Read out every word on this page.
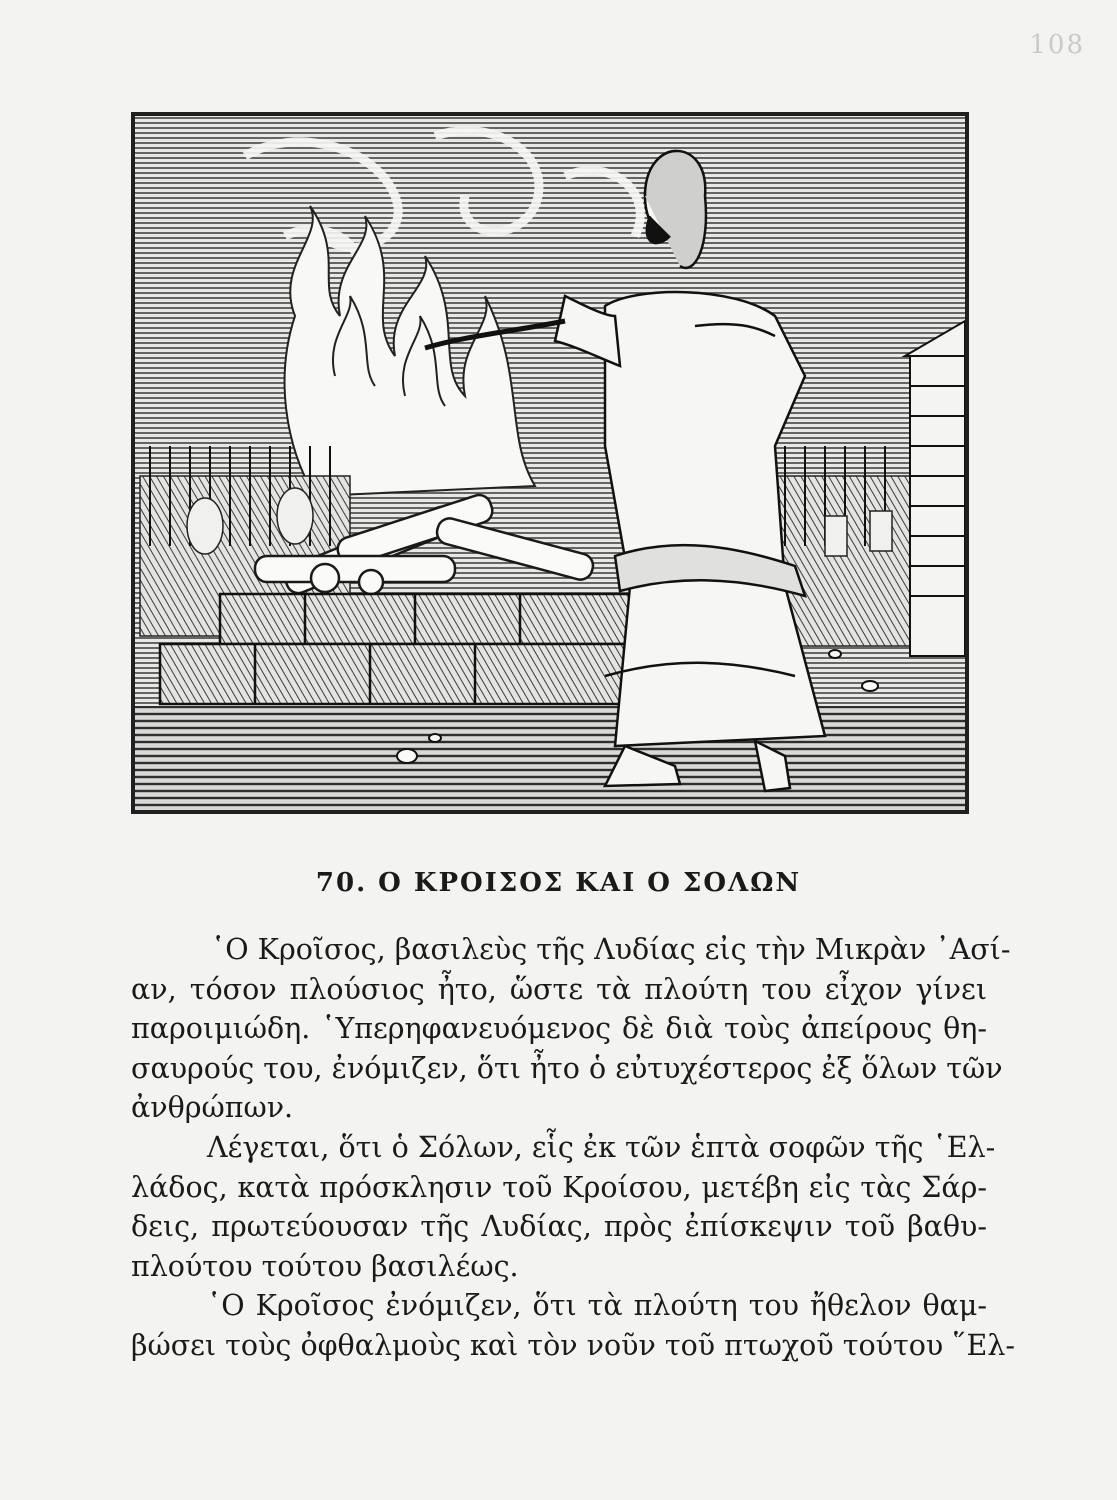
108
70. Ο ΚΡΟΙΣΟΣ ΚΑΙ Ο ΣΟΛΩΝ
῾Ο Κροῖσος, βασιλεὺς τῆς Λυδίας εἰς τὴν Μικρὰν ᾿Ασί-
αν, τόσον πλούσιος ἦτο, ὥστε τὰ πλούτη του εἶχον γίνει
παροιμιώδη. ῾Υπερηφανευόμενος δὲ διὰ τοὺς ἀπείρους θη-
σαυρούς του, ἐνόμιζεν, ὅτι ἦτο ὁ εὐτυχέστερος ἐξ ὅλων τῶν
ἀνθρώπων.
Λέγεται, ὅτι ὁ Σόλων, εἷς ἐκ τῶν ἑπτὰ σοφῶν τῆς ῾Ελ-
λάδος, κατὰ πρόσκλησιν τοῦ Κροίσου, μετέβη εἰς τὰς Σάρ-
δεις, πρωτεύουσαν τῆς Λυδίας, πρὸς ἐπίσκεψιν τοῦ βαθυ-
πλούτου τούτου βασιλέως.
῾Ο Κροῖσος ἐνόμιζεν, ὅτι τὰ πλούτη του ἤθελον θαμ-
βώσει τοὺς ὀφθαλμοὺς καὶ τὸν νοῦν τοῦ πτωχοῦ τούτου ῞Ελ-
